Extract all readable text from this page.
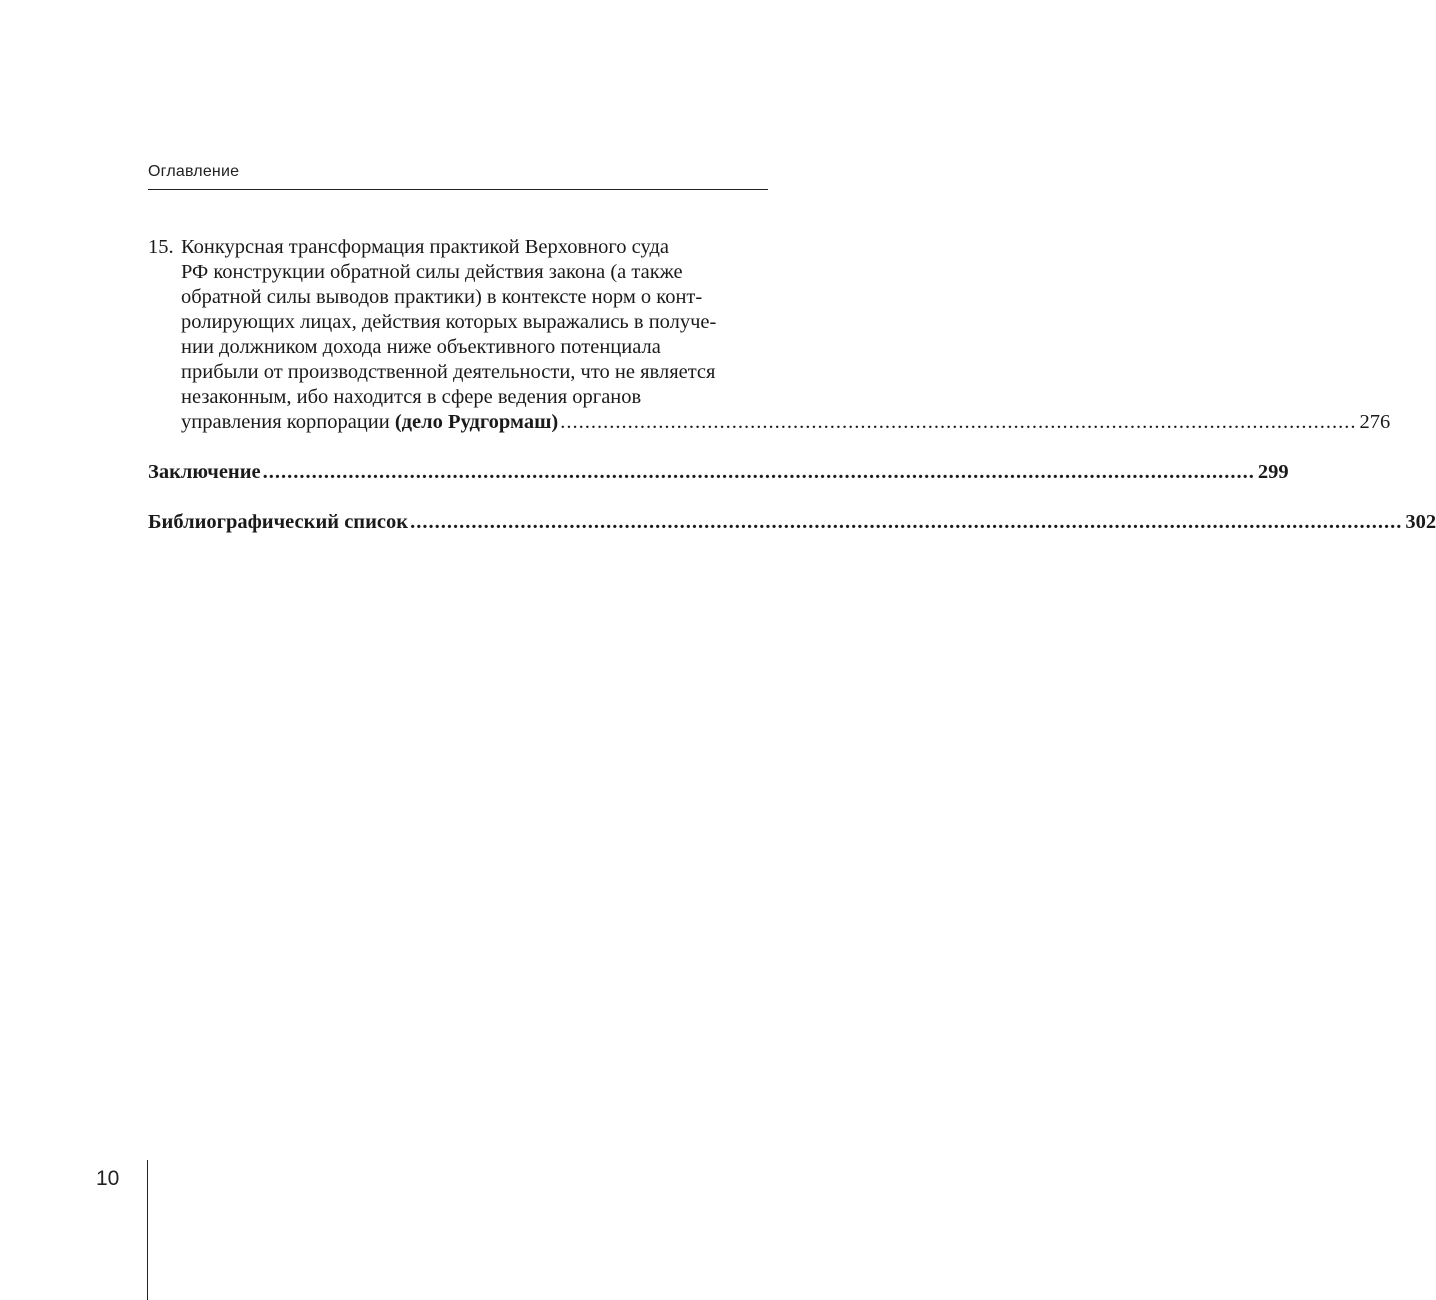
Оглавление
15. Конкурсная трансформация практикой Верховного суда
РФ конструкции обратной силы действия закона (а также
обратной силы выводов практики) в контексте норм о конт-
ролирующих лицах, действия которых выражались в получе-
нии должником дохода ниже объективного потенциала
прибыли от производственной деятельности, что не является
незаконным, ибо находится в сфере ведения органов
управления корпорации (дело Рудгормаш) .................................................................................................................................. 276
Заключение .................................................................................................................................................................. 299
Библиографический список .................................................................................................................................................................. 302
10
